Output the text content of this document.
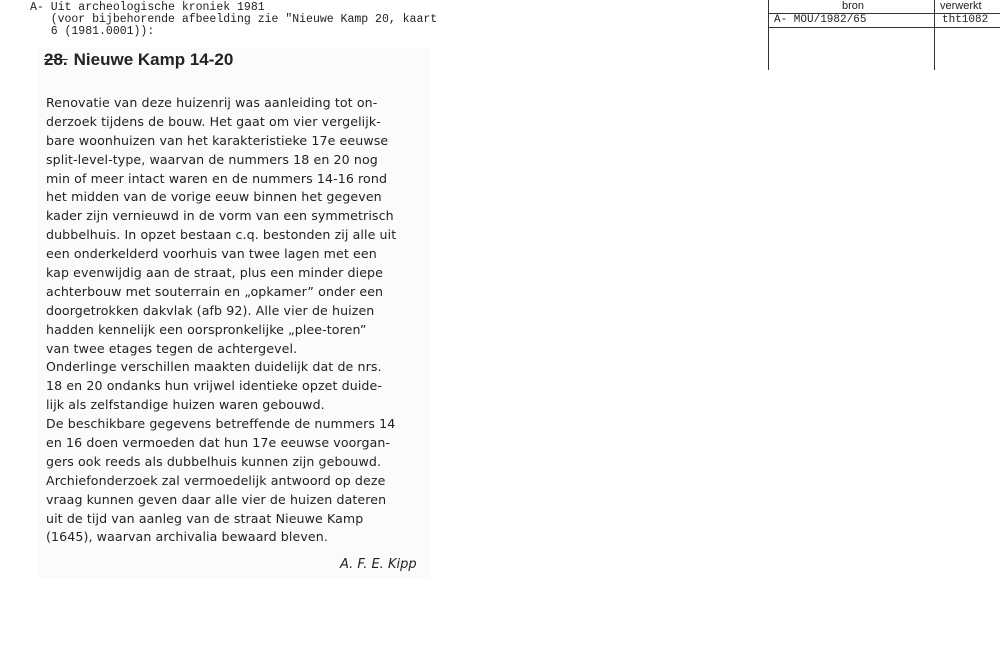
A- Uit archeologische kroniek 1981
(voor bijbehorende afbeelding zie "Nieuwe Kamp 20, kaart
6 (1981.0001)):
bron	verwerkt
A- MOU/1982/65	tht1082
28. Nieuwe Kamp 14-20
Renovatie van deze huizenrij was aanleiding tot on-
derzoek tijdens de bouw. Het gaat om vier vergelijk-
bare woonhuizen van het karakteristieke 17e eeuwse
split-level-type, waarvan de nummers 18 en 20 nog
min of meer intact waren en de nummers 14-16 rond
het midden van de vorige eeuw binnen het gegeven
kader zijn vernieuwd in de vorm van een symmetrisch
dubbelhuis. In opzet bestaan c.q. bestonden zij alle uit
een onderkelderd voorhuis van twee lagen met een
kap evenwijdig aan de straat, plus een minder diepe
achterbouw met souterrain en „opkamer” onder een
doorgetrokken dakvlak (afb 92). Alle vier de huizen
hadden kennelijk een oorspronkelijke „plee-toren”
van twee etages tegen de achtergevel.
Onderlinge verschillen maakten duidelijk dat de nrs.
18 en 20 ondanks hun vrijwel identieke opzet duide-
lijk als zelfstandige huizen waren gebouwd.
De beschikbare gegevens betreffende de nummers 14
en 16 doen vermoeden dat hun 17e eeuwse voorgan-
gers ook reeds als dubbelhuis kunnen zijn gebouwd.
Archiefonderzoek zal vermoedelijk antwoord op deze
vraag kunnen geven daar alle vier de huizen dateren
uit de tijd van aanleg van de straat Nieuwe Kamp
(1645), waarvan archivalia bewaard bleven.
A. F. E. Kipp
